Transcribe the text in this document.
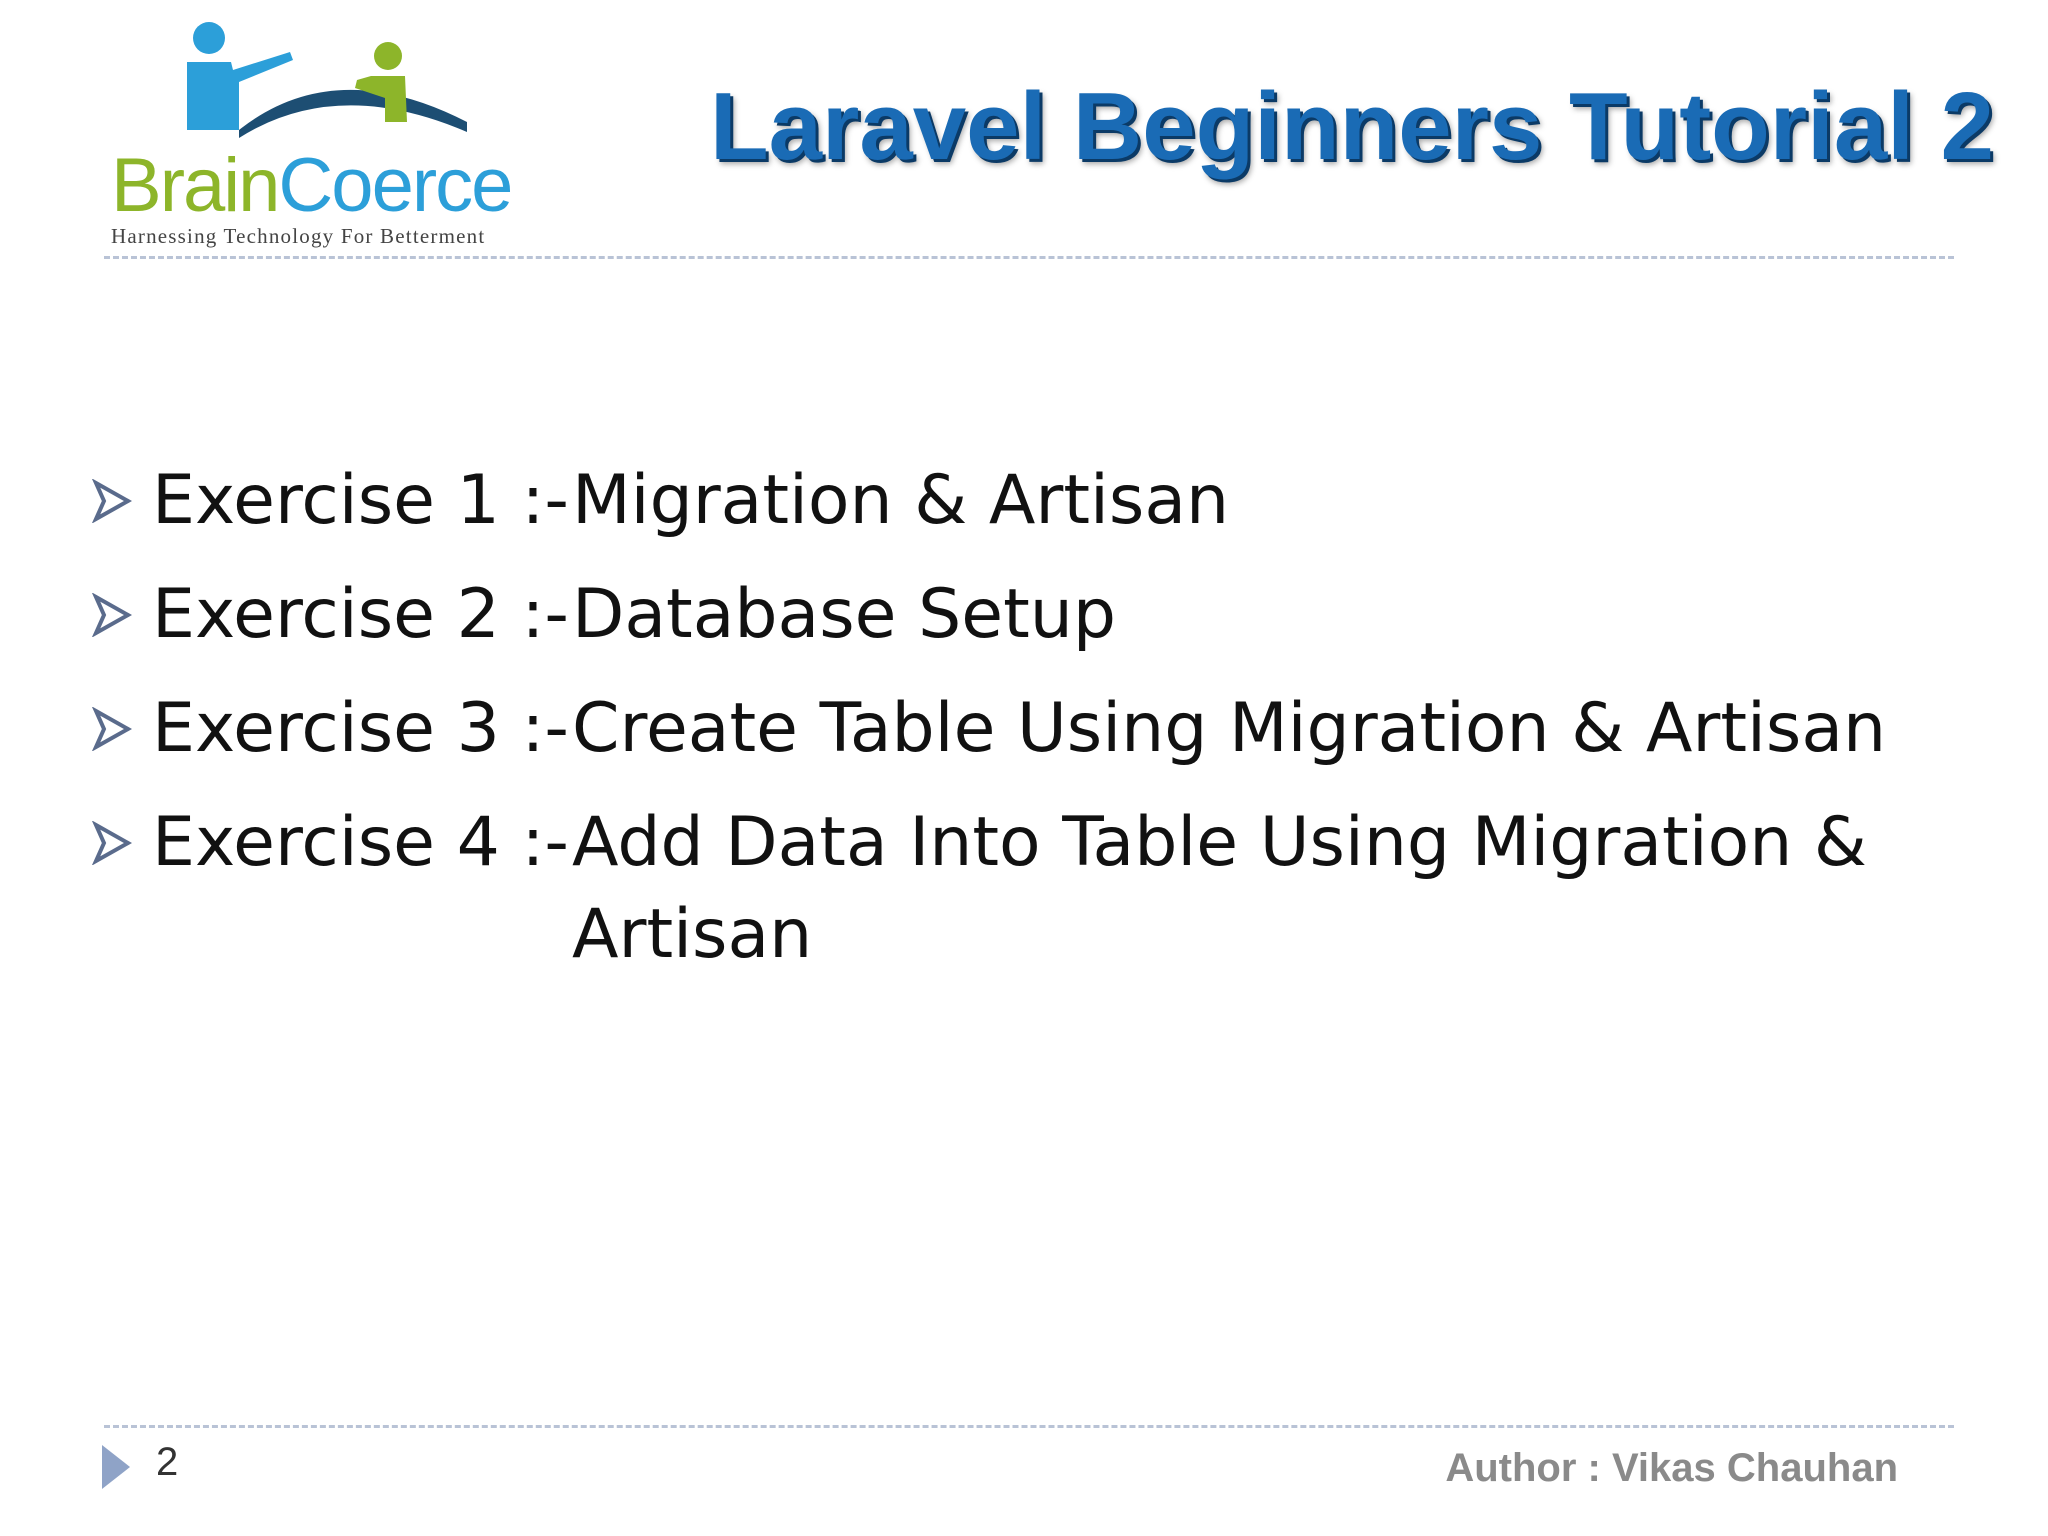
BrainCoerce
Harnessing Technology For Betterment
Laravel Beginners Tutorial 2
Exercise 1 :- Migration & Artisan
Exercise 2 :- Database Setup
Exercise 3 :- Create Table Using Migration & Artisan
Exercise 4 :- Add Data Into Table Using Migration & Artisan
2	Author : Vikas Chauhan
